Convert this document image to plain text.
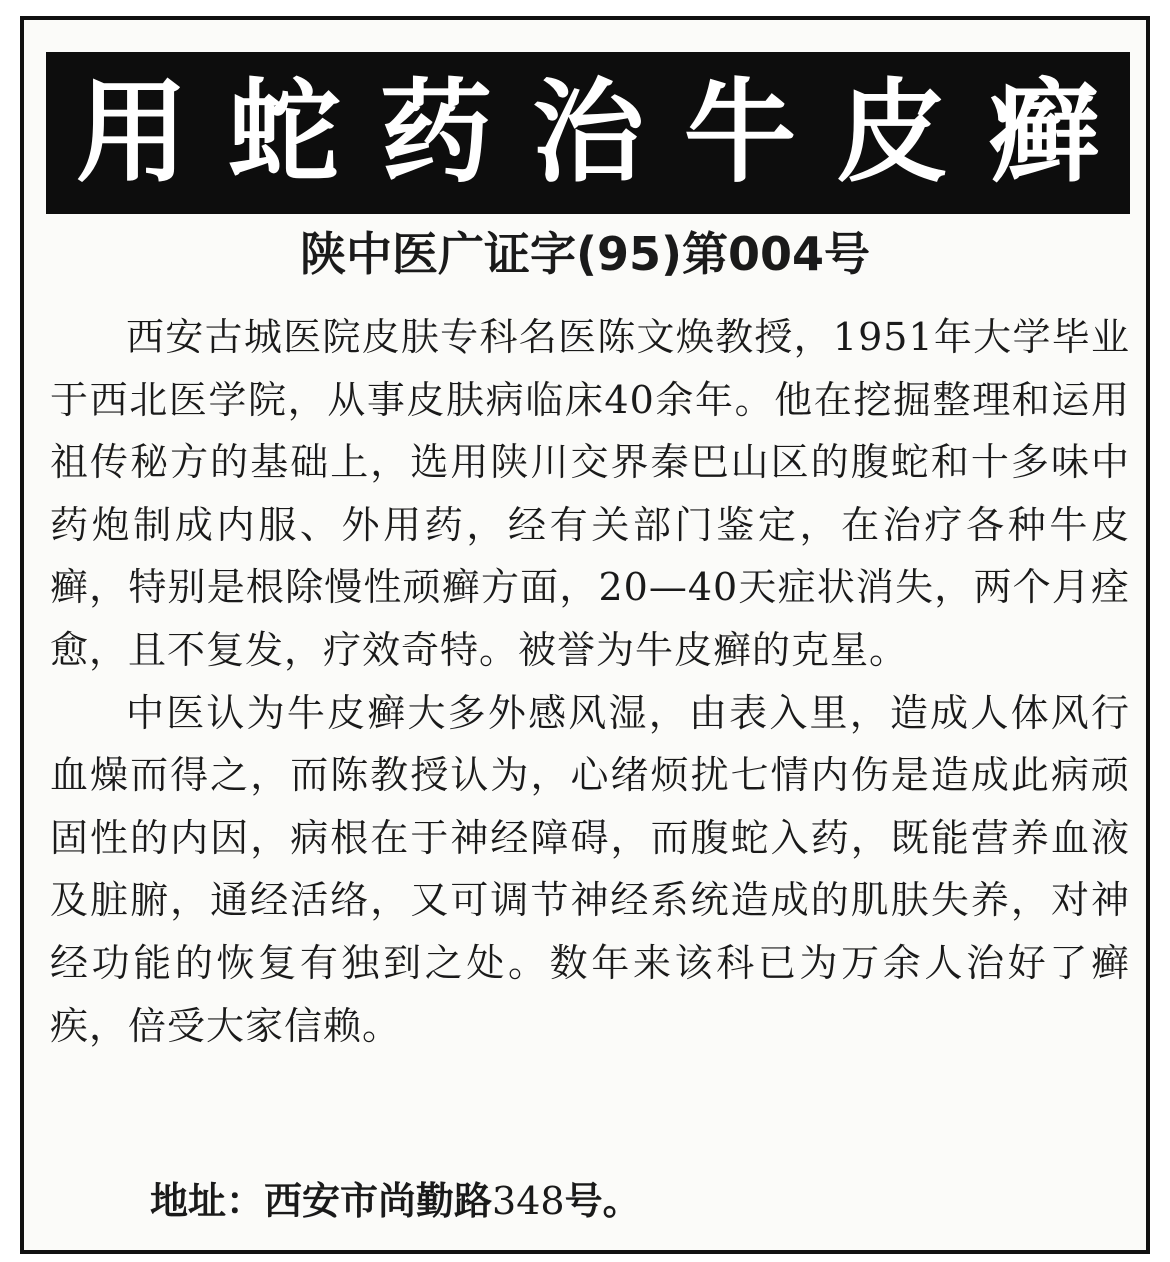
用蛇药治牛皮癣
陕中医广证字(95)第004号

西安古城医院皮肤专科名医陈文焕教授，1951年大学毕业于西北医学院，从事皮肤病临床40余年。他在挖掘整理和运用祖传秘方的基础上，选用陕川交界秦巴山区的腹蛇和十多味中药炮制成内服、外用药，经有关部门鉴定，在治疗各种牛皮癣，特别是根除慢性顽癣方面，20—40天症状消失，两个月痊愈，且不复发，疗效奇特。被誉为牛皮癣的克星。

中医认为牛皮癣大多外感风湿，由表入里，造成人体风行血燥而得之，而陈教授认为，心绪烦扰七情内伤是造成此病顽固性的内因，病根在于神经障碍，而腹蛇入药，既能营养血液及脏腑，通经活络，又可调节神经系统造成的肌肤失养，对神经功能的恢复有独到之处。数年来该科已为万余人治好了癣疾，倍受大家信赖。

地址：西安市尚勤路348号。
